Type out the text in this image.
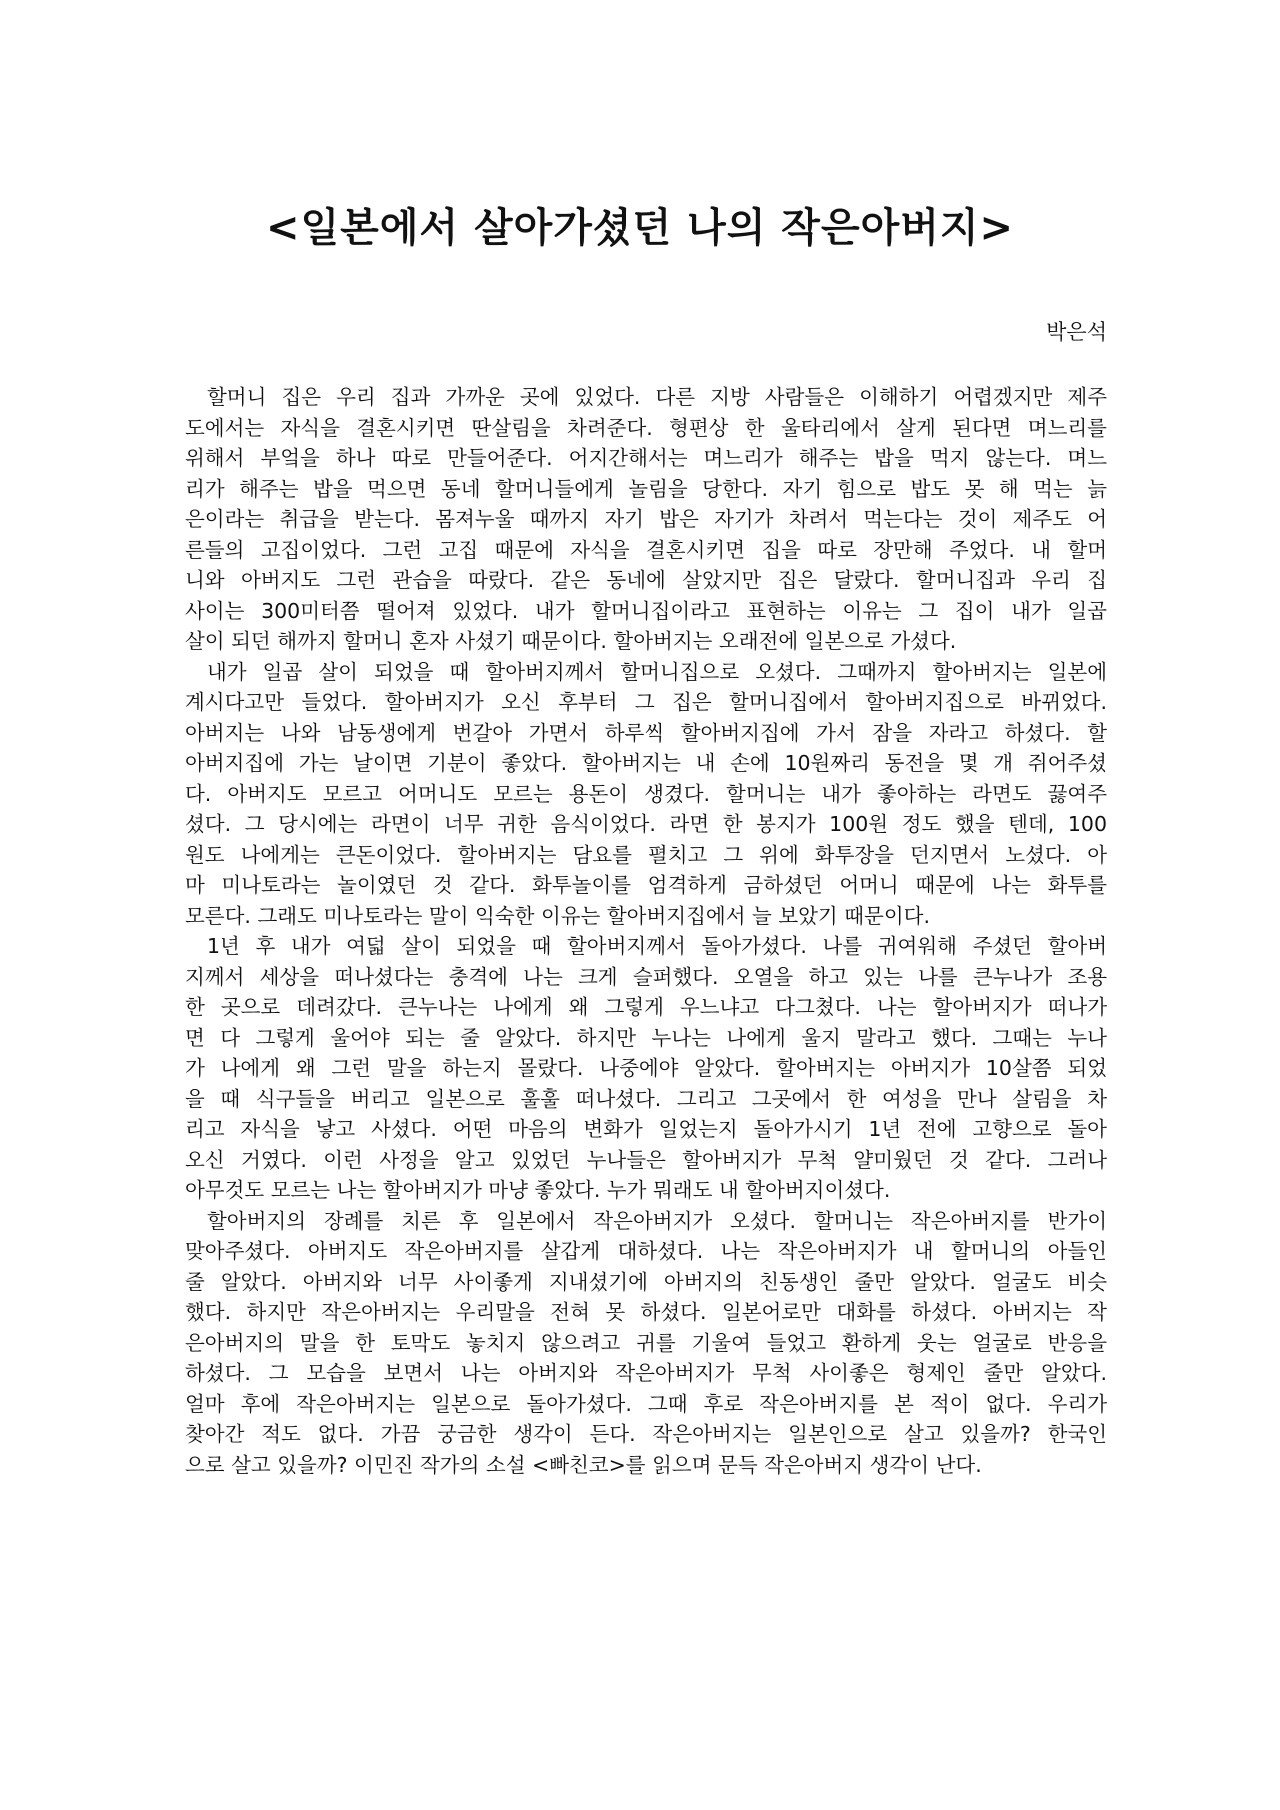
<일본에서 살아가셨던 나의 작은아버지>
박은석
할머니 집은 우리 집과 가까운 곳에 있었다. 다른 지방 사람들은 이해하기 어렵겠지만 제주
도에서는 자식을 결혼시키면 딴살림을 차려준다. 형편상 한 울타리에서 살게 된다면 며느리를
위해서 부엌을 하나 따로 만들어준다. 어지간해서는 며느리가 해주는 밥을 먹지 않는다. 며느
리가 해주는 밥을 먹으면 동네 할머니들에게 놀림을 당한다. 자기 힘으로 밥도 못 해 먹는 늙
은이라는 취급을 받는다. 몸져누울 때까지 자기 밥은 자기가 차려서 먹는다는 것이 제주도 어
른들의 고집이었다. 그런 고집 때문에 자식을 결혼시키면 집을 따로 장만해 주었다. 내 할머
니와 아버지도 그런 관습을 따랐다. 같은 동네에 살았지만 집은 달랐다. 할머니집과 우리 집
사이는 300미터쯤 떨어져 있었다. 내가 할머니집이라고 표현하는 이유는 그 집이 내가 일곱
살이 되던 해까지 할머니 혼자 사셨기 때문이다. 할아버지는 오래전에 일본으로 가셨다.
내가 일곱 살이 되었을 때 할아버지께서 할머니집으로 오셨다. 그때까지 할아버지는 일본에
계시다고만 들었다. 할아버지가 오신 후부터 그 집은 할머니집에서 할아버지집으로 바뀌었다.
아버지는 나와 남동생에게 번갈아 가면서 하루씩 할아버지집에 가서 잠을 자라고 하셨다. 할
아버지집에 가는 날이면 기분이 좋았다. 할아버지는 내 손에 10원짜리 동전을 몇 개 쥐어주셨
다. 아버지도 모르고 어머니도 모르는 용돈이 생겼다. 할머니는 내가 좋아하는 라면도 끓여주
셨다. 그 당시에는 라면이 너무 귀한 음식이었다. 라면 한 봉지가 100원 정도 했을 텐데, 100
원도 나에게는 큰돈이었다. 할아버지는 담요를 펼치고 그 위에 화투장을 던지면서 노셨다. 아
마 미나토라는 놀이였던 것 같다. 화투놀이를 엄격하게 금하셨던 어머니 때문에 나는 화투를
모른다. 그래도 미나토라는 말이 익숙한 이유는 할아버지집에서 늘 보았기 때문이다.
1년 후 내가 여덟 살이 되었을 때 할아버지께서 돌아가셨다. 나를 귀여워해 주셨던 할아버
지께서 세상을 떠나셨다는 충격에 나는 크게 슬퍼했다. 오열을 하고 있는 나를 큰누나가 조용
한 곳으로 데려갔다. 큰누나는 나에게 왜 그렇게 우느냐고 다그쳤다. 나는 할아버지가 떠나가
면 다 그렇게 울어야 되는 줄 알았다. 하지만 누나는 나에게 울지 말라고 했다. 그때는 누나
가 나에게 왜 그런 말을 하는지 몰랐다. 나중에야 알았다. 할아버지는 아버지가 10살쯤 되었
을 때 식구들을 버리고 일본으로 훌훌 떠나셨다. 그리고 그곳에서 한 여성을 만나 살림을 차
리고 자식을 낳고 사셨다. 어떤 마음의 변화가 일었는지 돌아가시기 1년 전에 고향으로 돌아
오신 거였다. 이런 사정을 알고 있었던 누나들은 할아버지가 무척 얄미웠던 것 같다. 그러나
아무것도 모르는 나는 할아버지가 마냥 좋았다. 누가 뭐래도 내 할아버지이셨다.
할아버지의 장례를 치른 후 일본에서 작은아버지가 오셨다. 할머니는 작은아버지를 반가이
맞아주셨다. 아버지도 작은아버지를 살갑게 대하셨다. 나는 작은아버지가 내 할머니의 아들인
줄 알았다. 아버지와 너무 사이좋게 지내셨기에 아버지의 친동생인 줄만 알았다. 얼굴도 비슷
했다. 하지만 작은아버지는 우리말을 전혀 못 하셨다. 일본어로만 대화를 하셨다. 아버지는 작
은아버지의 말을 한 토막도 놓치지 않으려고 귀를 기울여 들었고 환하게 웃는 얼굴로 반응을
하셨다. 그 모습을 보면서 나는 아버지와 작은아버지가 무척 사이좋은 형제인 줄만 알았다.
얼마 후에 작은아버지는 일본으로 돌아가셨다. 그때 후로 작은아버지를 본 적이 없다. 우리가
찾아간 적도 없다. 가끔 궁금한 생각이 든다. 작은아버지는 일본인으로 살고 있을까? 한국인
으로 살고 있을까? 이민진 작가의 소설 <빠친코>를 읽으며 문득 작은아버지 생각이 난다.
